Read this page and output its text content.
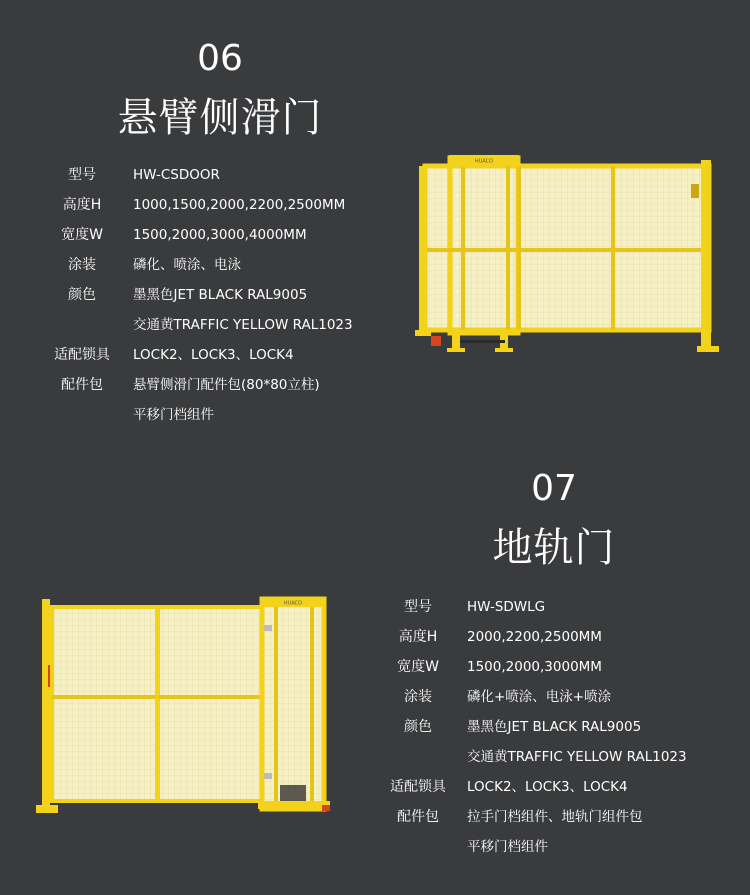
06
悬臂侧滑门
型号	HW-CSDOOR
高度H	1000,1500,2000,2200,2500MM
宽度W	1500,2000,3000,4000MM
涂装	磷化、喷涂、电泳
颜色	墨黑色JET BLACK RAL9005
交通黄TRAFFIC YELLOW RAL1023
适配锁具	LOCK2、LOCK3、LOCK4
配件包	悬臂侧滑门配件包(80*80立柱)
平移门档组件
HUACO
07
地轨门
型号	HW-SDWLG
高度H	2000,2200,2500MM
宽度W	1500,2000,3000MM
涂装	磷化+喷涂、电泳+喷涂
颜色	墨黑色JET BLACK RAL9005
交通黄TRAFFIC YELLOW RAL1023
适配锁具	LOCK2、LOCK3、LOCK4
配件包	拉手门档组件、地轨门组件包
平移门档组件
HUACO
